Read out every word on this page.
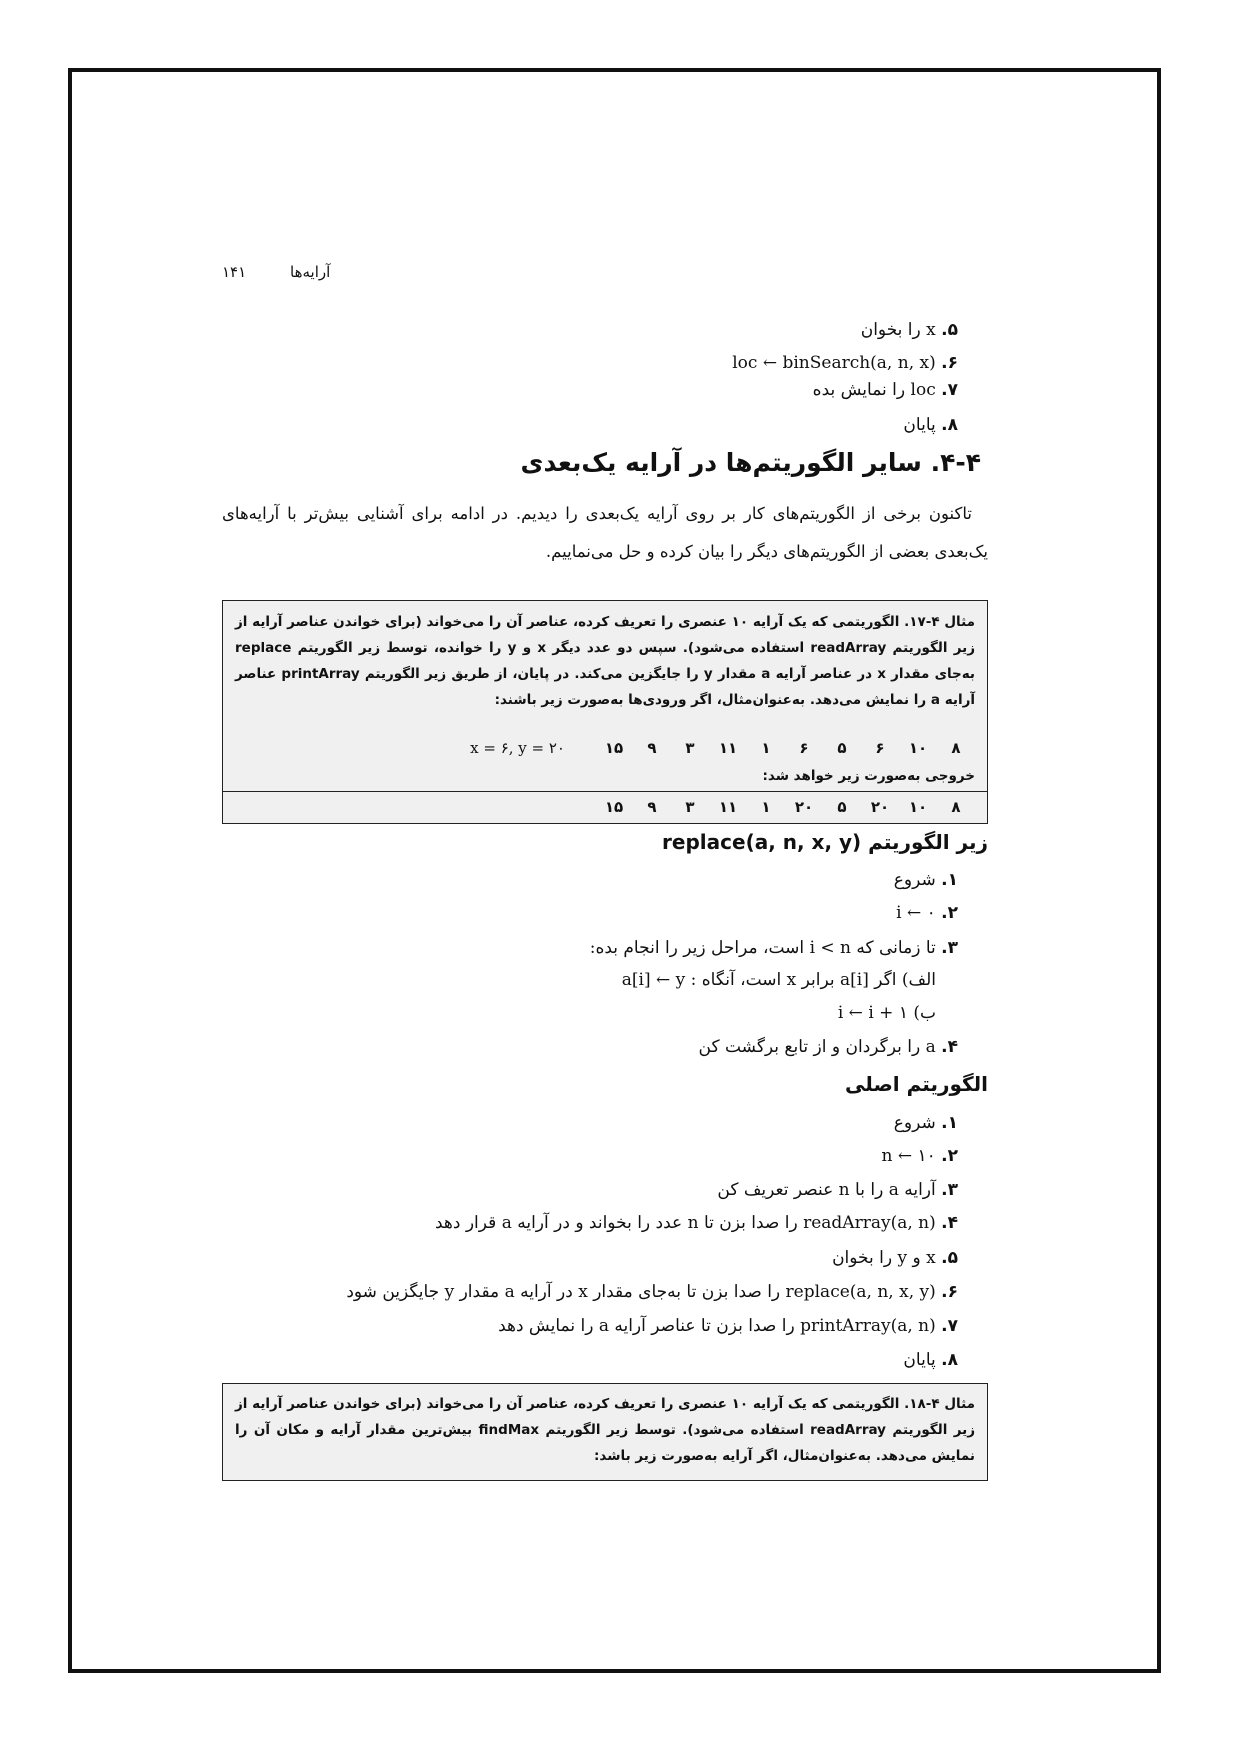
۱۴۱	آرایه‌ها
۵. x را بخوان
۶. loc ← binSearch(a, n, x)
۷. loc را نمایش بده
۸. پایان
۴-۴. سایر الگوریتم‌ها در آرایه یک‌بعدی
تاکنون برخی از الگوریتم‌های کار بر روی آرایه یک‌بعدی را دیدیم. در ادامه برای آشنایی بیش‌تر با آرایه‌های یک‌بعدی بعضی از الگوریتم‌های دیگر را بیان کرده و حل می‌نماییم.
مثال ۴-۱۷. الگوریتمی که یک آرایه ۱۰ عنصری را تعریف کرده، عناصر آن را می‌خواند (برای خواندن عناصر آرایه از زیر الگوریتم readArray استفاده می‌شود). سپس دو عدد دیگر x و y را خوانده، توسط زیر الگوریتم replace به‌جای مقدار x در عناصر آرایه a مقدار y را جایگزین می‌کند. در پایان، از طریق زیر الگوریتم printArray عناصر آرایه a را نمایش می‌دهد. به‌عنوان‌مثال، اگر ورودی‌ها به‌صورت زیر باشند:
۸۱۰۶۵۶۱۱۱۳۹۱۵x = ۶, y = ۲۰
خروجی به‌صورت زیر خواهد شد:
۸۱۰۲۰۵۲۰۱۱۱۳۹۱۵
زیر الگوریتم replace(a, n, x, y)
۱. شروع
۲. i ← ۰
۳. تا زمانی که i < n است، مراحل زیر را انجام بده:
الف) اگر a[i] برابر x است، آنگاه : a[i] ← y
ب) i ← i + ۱
۴. a را برگردان و از تابع برگشت کن
الگوریتم اصلی
۱. شروع
۲. n ← ۱۰
۳. آرایه a را با n عنصر تعریف کن
۴. readArray(a, n) را صدا بزن تا n عدد را بخواند و در آرایه a قرار دهد
۵. x و y را بخوان
۶. replace(a, n, x, y) را صدا بزن تا به‌جای مقدار x در آرایه a مقدار y جایگزین شود
۷. printArray(a, n) را صدا بزن تا عناصر آرایه a را نمایش دهد
۸. پایان
مثال ۴-۱۸. الگوریتمی که یک آرایه ۱۰ عنصری را تعریف کرده، عناصر آن را می‌خواند (برای خواندن عناصر آرایه از زیر الگوریتم readArray استفاده می‌شود). توسط زیر الگوریتم findMax بیش‌ترین مقدار آرایه و مکان آن را نمایش می‌دهد. به‌عنوان‌مثال، اگر آرایه به‌صورت زیر باشد:
